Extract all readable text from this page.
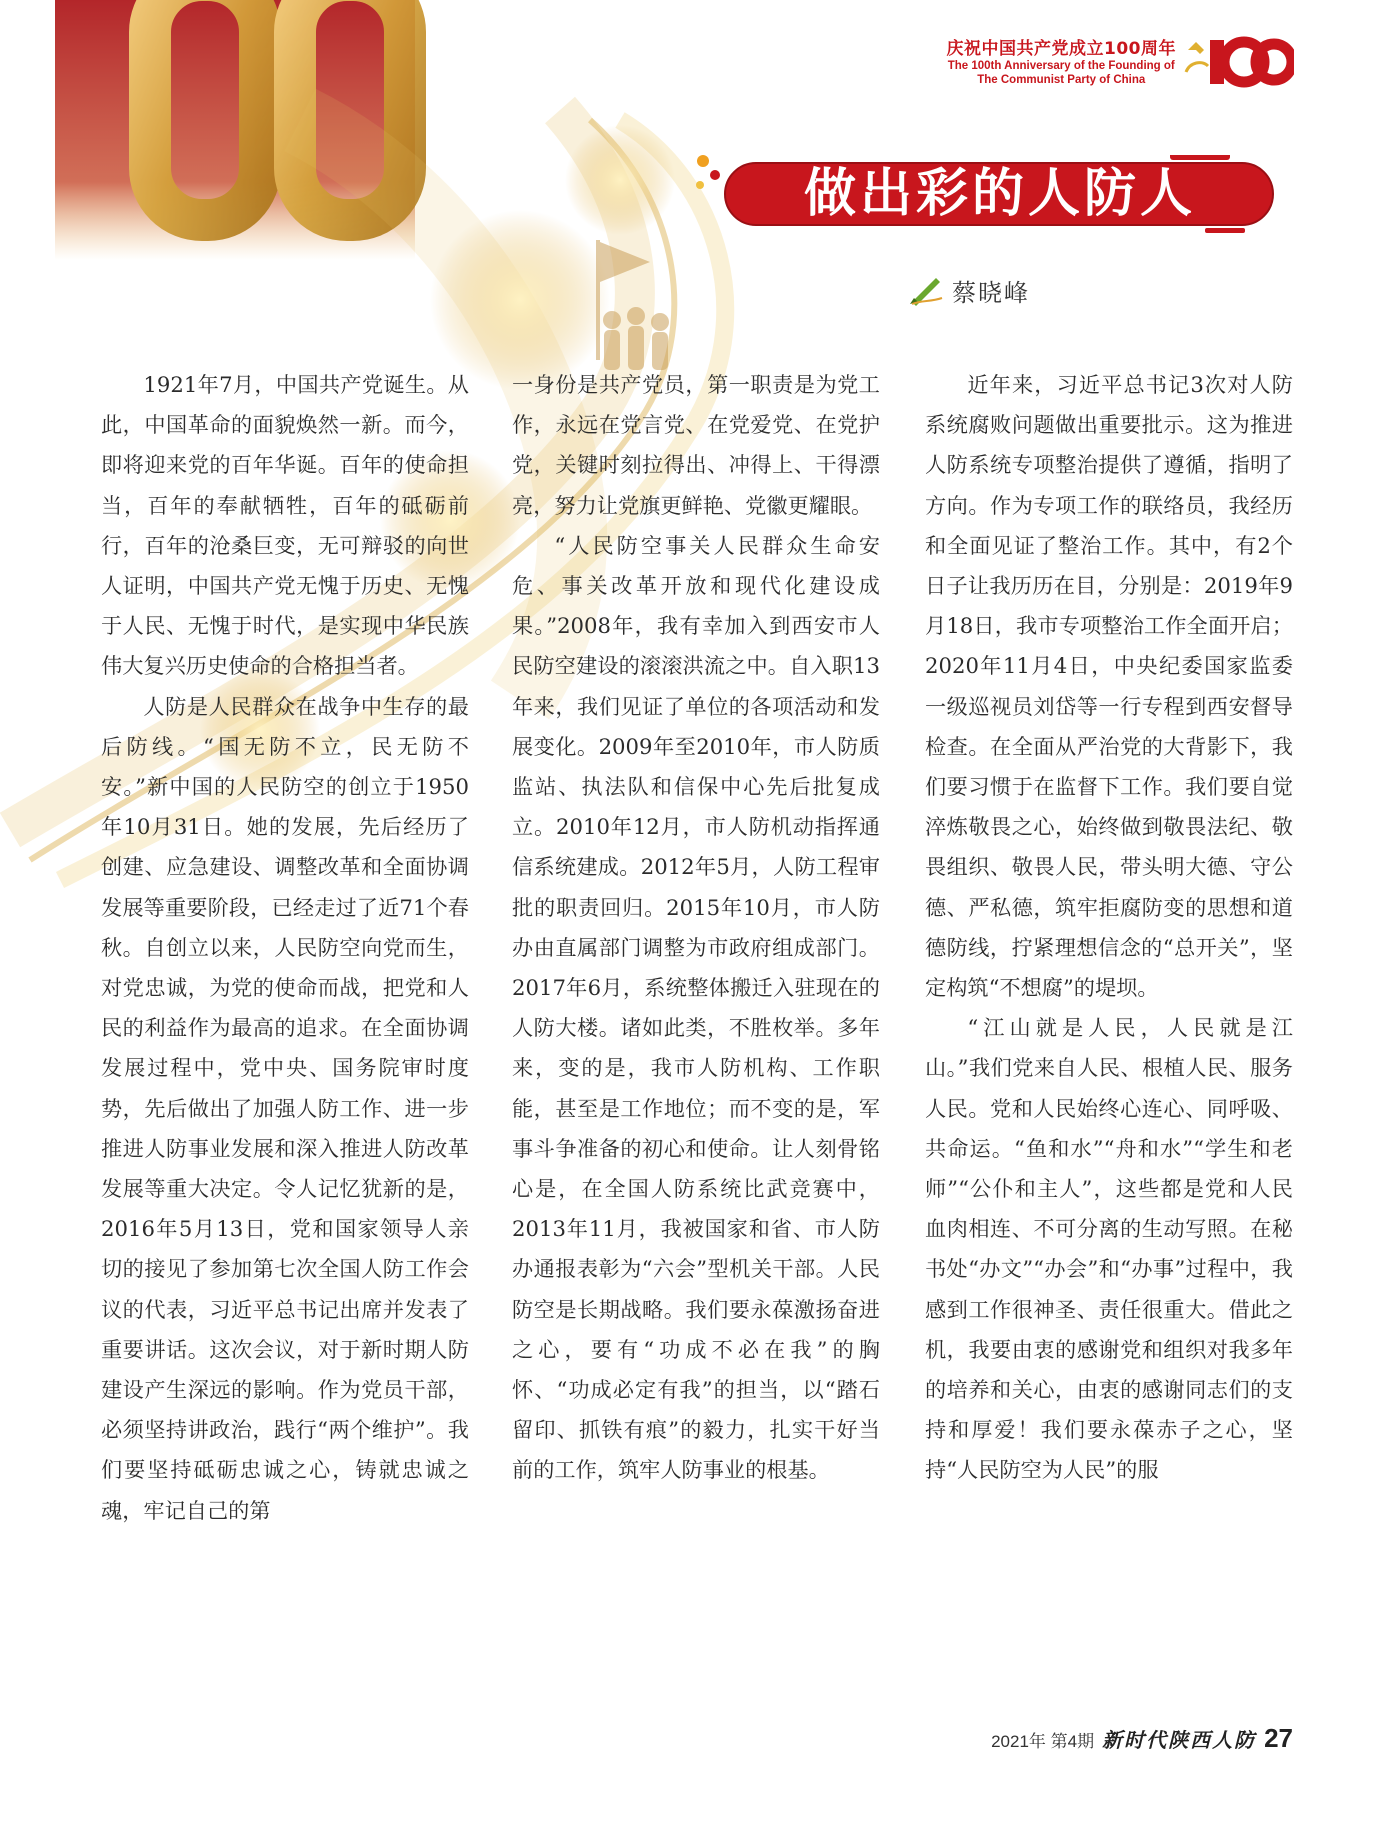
庆祝中国共产党成立100周年
The 100th Anniversary of the Founding of
The Communist Party of China
做出彩的人防人
蔡晓峰

1921年7月，中国共产党诞生。从此，中国革命的面貌焕然一新。而今，即将迎来党的百年华诞。百年的使命担当，百年的奉献牺牲，百年的砥砺前行，百年的沧桑巨变，无可辩驳的向世人证明，中国共产党无愧于历史、无愧于人民、无愧于时代，是实现中华民族伟大复兴历史使命的合格担当者。

人防是人民群众在战争中生存的最后防线。“国无防不立，民无防不安。”新中国的人民防空的创立于1950年10月31日。她的发展，先后经历了创建、应急建设、调整改革和全面协调发展等重要阶段，已经走过了近71个春秋。自创立以来，人民防空向党而生，对党忠诚，为党的使命而战，把党和人民的利益作为最高的追求。在全面协调发展过程中，党中央、国务院审时度势，先后做出了加强人防工作、进一步推进人防事业发展和深入推进人防改革发展等重大决定。令人记忆犹新的是，2016年5月13日，党和国家领导人亲切的接见了参加第七次全国人防工作会议的代表，习近平总书记出席并发表了重要讲话。这次会议，对于新时期人防建设产生深远的影响。作为党员干部，必须坚持讲政治，践行“两个维护”。我们要坚持砥砺忠诚之心，铸就忠诚之魂，牢记自己的第

一身份是共产党员，第一职责是为党工作，永远在党言党、在党爱党、在党护党，关键时刻拉得出、冲得上、干得漂亮，努力让党旗更鲜艳、党徽更耀眼。

“人民防空事关人民群众生命安危、事关改革开放和现代化建设成果。”2008年，我有幸加入到西安市人民防空建设的滚滚洪流之中。自入职13年来，我们见证了单位的各项活动和发展变化。2009年至2010年，市人防质监站、执法队和信保中心先后批复成立。2010年12月，市人防机动指挥通信系统建成。2012年5月，人防工程审批的职责回归。2015年10月，市人防办由直属部门调整为市政府组成部门。2017年6月，系统整体搬迁入驻现在的人防大楼。诸如此类，不胜枚举。多年来，变的是，我市人防机构、工作职能，甚至是工作地位；而不变的是，军事斗争准备的初心和使命。让人刻骨铭心是，在全国人防系统比武竞赛中，2013年11月，我被国家和省、市人防办通报表彰为“六会”型机关干部。人民防空是长期战略。我们要永葆激扬奋进之心，要有“功成不必在我”的胸怀、“功成必定有我”的担当，以“踏石留印、抓铁有痕”的毅力，扎实干好当前的工作，筑牢人防事业的根基。

近年来，习近平总书记3次对人防系统腐败问题做出重要批示。这为推进人防系统专项整治提供了遵循，指明了方向。作为专项工作的联络员，我经历和全面见证了整治工作。其中，有2个日子让我历历在目，分别是：2019年9月18日，我市专项整治工作全面开启；2020年11月4日，中央纪委国家监委一级巡视员刘岱等一行专程到西安督导检查。在全面从严治党的大背影下，我们要习惯于在监督下工作。我们要自觉淬炼敬畏之心，始终做到敬畏法纪、敬畏组织、敬畏人民，带头明大德、守公德、严私德，筑牢拒腐防变的思想和道德防线，拧紧理想信念的“总开关”，坚定构筑“不想腐”的堤坝。

“江山就是人民，人民就是江山。”我们党来自人民、根植人民、服务人民。党和人民始终心连心、同呼吸、共命运。“鱼和水”“舟和水”“学生和老师”“公仆和主人”，这些都是党和人民血肉相连、不可分离的生动写照。在秘书处“办文”“办会”和“办事”过程中，我感到工作很神圣、责任很重大。借此之机，我要由衷的感谢党和组织对我多年的培养和关心，由衷的感谢同志们的支持和厚爱！我们要永葆赤子之心，坚持“人民防空为人民”的服

2021年 第4期 新时代陕西人防 27
